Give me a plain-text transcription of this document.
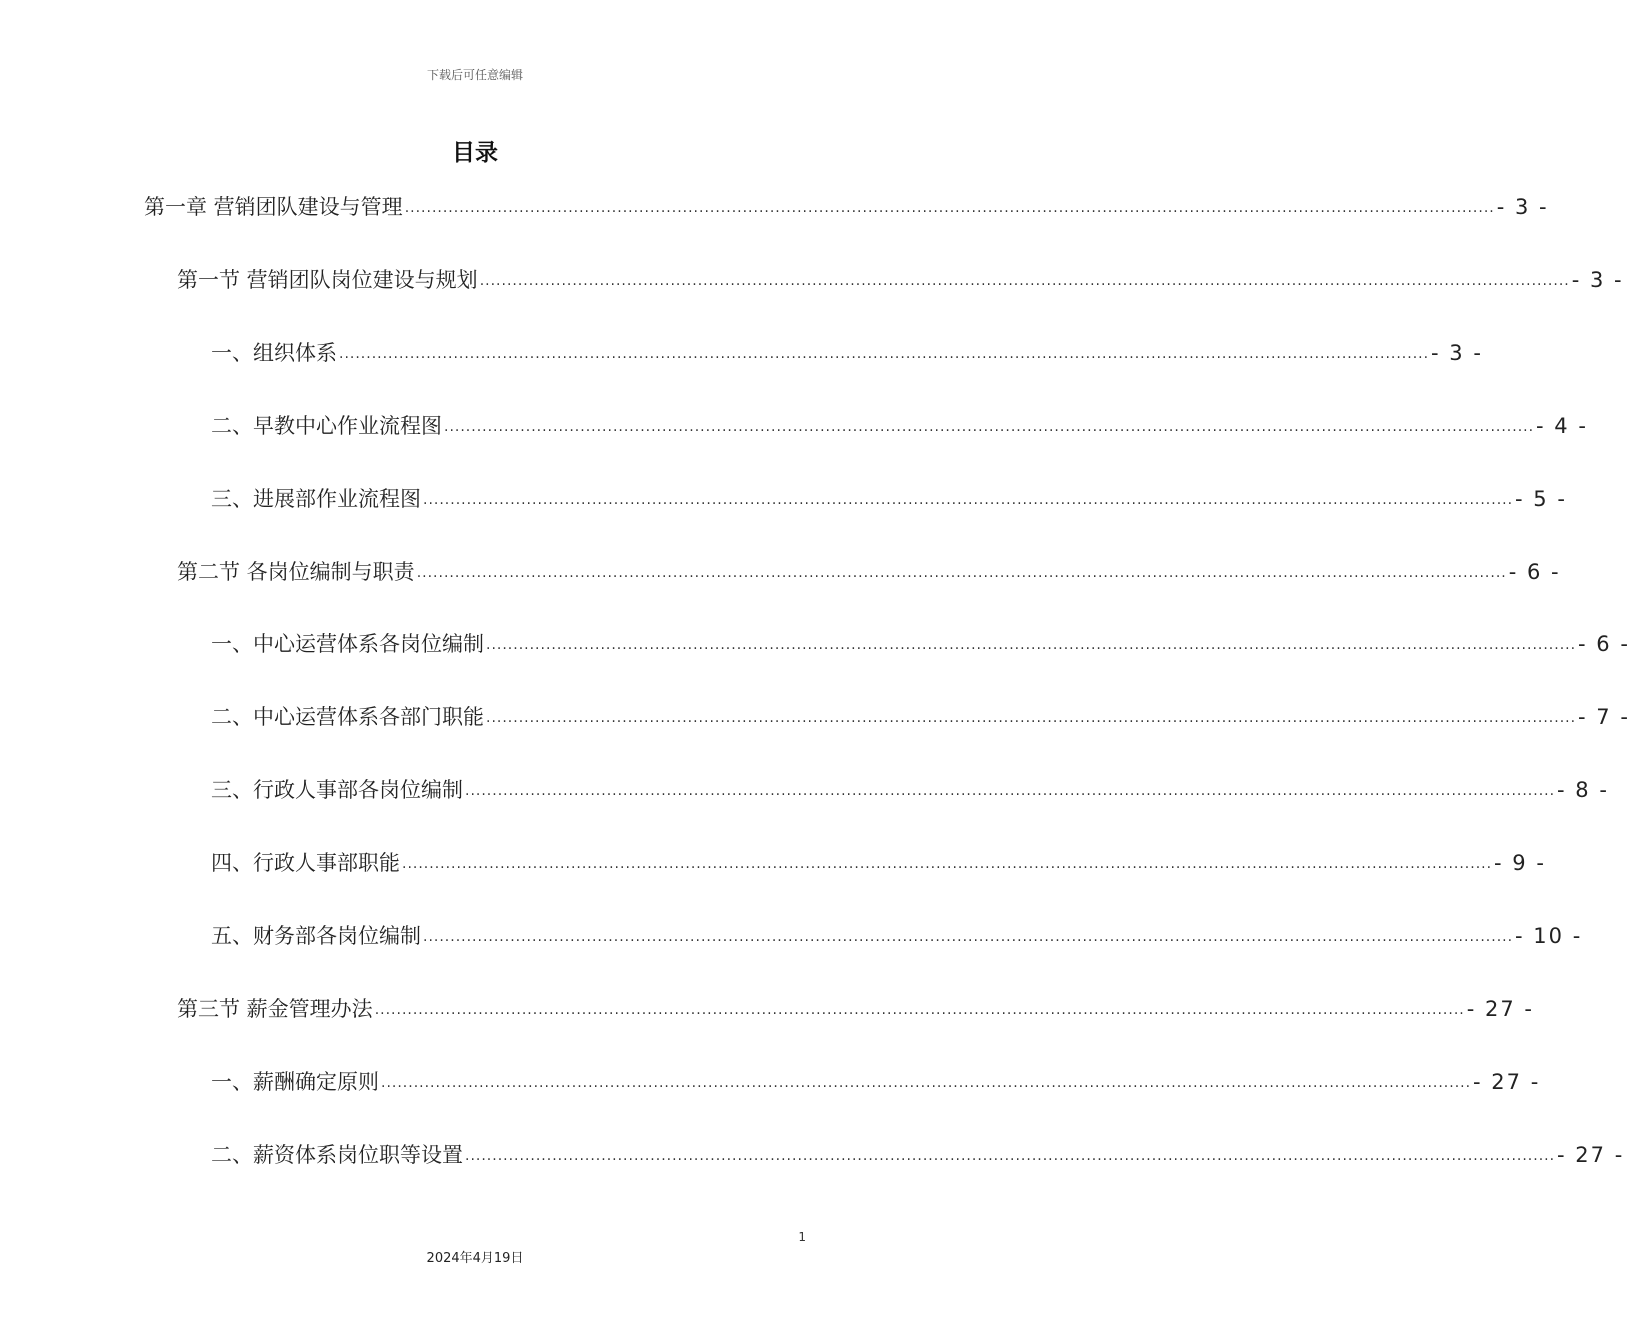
下载后可任意编辑
目录
第一章 营销团队建设与管理 ........................................................................................................................................................................................................ - 3 -
第一节 营销团队岗位建设与规划 ........................................................................................................................................................................................................ - 3 -
一、组织体系 ........................................................................................................................................................................................................ - 3 -
二、早教中心作业流程图 ........................................................................................................................................................................................................ - 4 -
三、进展部作业流程图 ........................................................................................................................................................................................................ - 5 -
第二节 各岗位编制与职责 ........................................................................................................................................................................................................ - 6 -
一、中心运营体系各岗位编制 ........................................................................................................................................................................................................ - 6 -
二、中心运营体系各部门职能 ........................................................................................................................................................................................................ - 7 -
三、行政人事部各岗位编制 ........................................................................................................................................................................................................ - 8 -
四、行政人事部职能 ........................................................................................................................................................................................................ - 9 -
五、财务部各岗位编制 ........................................................................................................................................................................................................ - 10 -
第三节 薪金管理办法 ........................................................................................................................................................................................................ - 27 -
一、薪酬确定原则 ........................................................................................................................................................................................................ - 27 -
二、薪资体系岗位职等设置 ........................................................................................................................................................................................................ - 27 -
1
2024年4月19日
